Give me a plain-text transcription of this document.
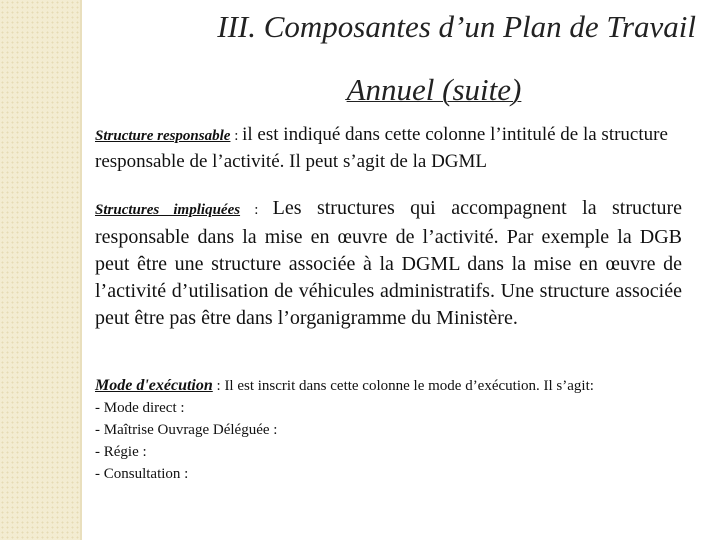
III. Composantes d’un Plan de Travail
Annuel (suite)
Structure responsable : il est indiqué dans cette colonne l’intitulé de la structure responsable de l’activité. Il peut s’agit de la DGML
Structures impliquées : Les structures qui accompagnent la structure responsable dans la mise en œuvre de l’activité. Par exemple la DGB peut être une structure associée à la DGML dans la mise en œuvre de l’activité d’utilisation de véhicules administratifs. Une structure associée peut être pas être dans l’organigramme du Ministère.
Mode d'exécution : Il est inscrit dans cette colonne le mode d’exécution. Il s’agit:
- Mode direct :
- Maîtrise Ouvrage Déléguée :
- Régie :
- Consultation :
